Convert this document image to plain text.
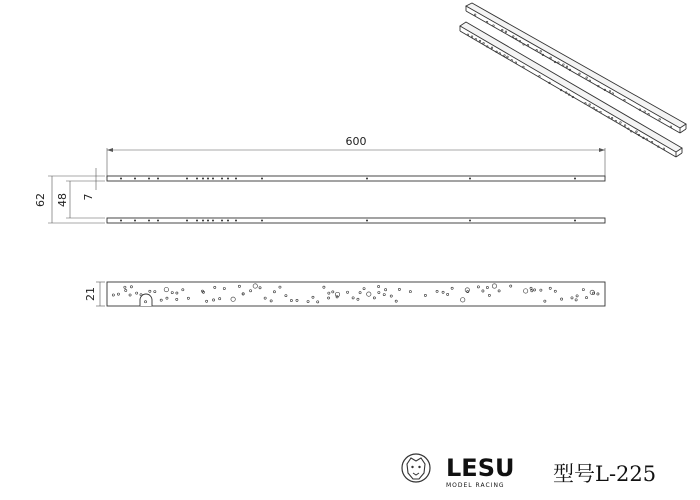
600
62 48 7
21
LESU
MODEL RACING 型号L-225
